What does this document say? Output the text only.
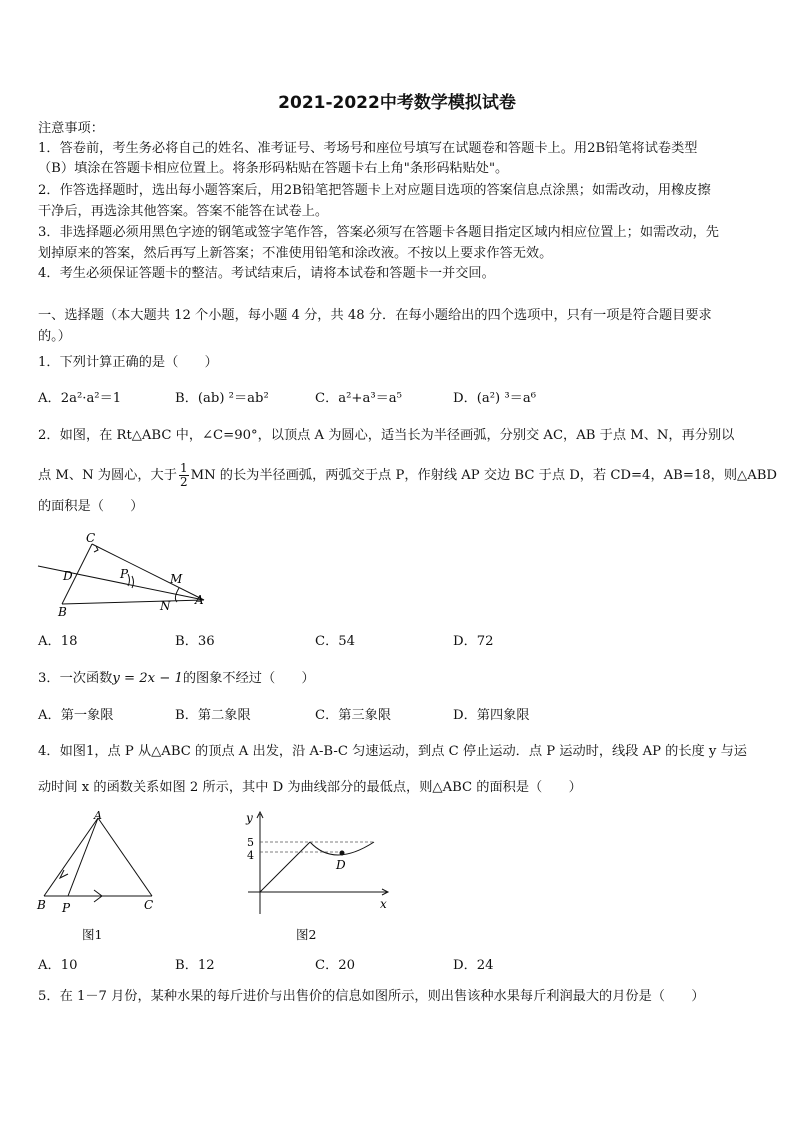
2021-2022中考数学模拟试卷
注意事项：
1．答卷前，考生务必将自己的姓名、准考证号、考场号和座位号填写在试题卷和答题卡上。用2B铅笔将试卷类型
（B）填涂在答题卡相应位置上。将条形码粘贴在答题卡右上角"条形码粘贴处"。
2．作答选择题时，选出每小题答案后，用2B铅笔把答题卡上对应题目选项的答案信息点涂黑；如需改动，用橡皮擦
干净后，再选涂其他答案。答案不能答在试卷上。
3．非选择题必须用黑色字迹的钢笔或签字笔作答，答案必须写在答题卡各题目指定区域内相应位置上；如需改动，先
划掉原来的答案，然后再写上新答案；不准使用铅笔和涂改液。不按以上要求作答无效。
4．考生必须保证答题卡的整洁。考试结束后，请将本试卷和答题卡一并交回。
一、选择题（本大题共 12 个小题，每小题 4 分，共 48 分．在每小题给出的四个选项中，只有一项是符合题目要求
的。）
1．下列计算正确的是（　　）
A．2a²·a²＝1	B．(ab) ²＝ab²	C．a²+a³＝a⁵	D．(a²) ³＝a⁶
2．如图，在 Rt△ABC 中，∠C=90°，以顶点 A 为圆心，适当长为半径画弧，分别交 AC，AB 于点 M、N，再分别以
点 M、N 为圆心，大于 $\frac{1}{2}$ MN 的长为半径画弧，两弧交于点 P，作射线 AP 交边 BC 于点 D，若 CD=4，AB=18，则△ABD
的面积是（　　）
C
D	P	M
B	N A
A．18	B．36	C．54	D．72
3．一次函数y = 2x − 1的图象不经过（　　）
A．第一象限	B．第二象限	C．第三象限	D．第四象限
4．如图1，点 P 从△ABC 的顶点 A 出发，沿 A-B-C 匀速运动，到点 C 停止运动．点 P 运动时，线段 AP 的长度 y 与运
动时间 x 的函数关系如图 2 所示，其中 D 为曲线部分的最低点，则△ABC 的面积是（　　）
A
B P	C
图1
y
x
5
4
D
图2
A．10	B．12	C．20	D．24
5．在 1－7 月份，某种水果的每斤进价与出售价的信息如图所示，则出售该种水果每斤利润最大的月份是（　　）
